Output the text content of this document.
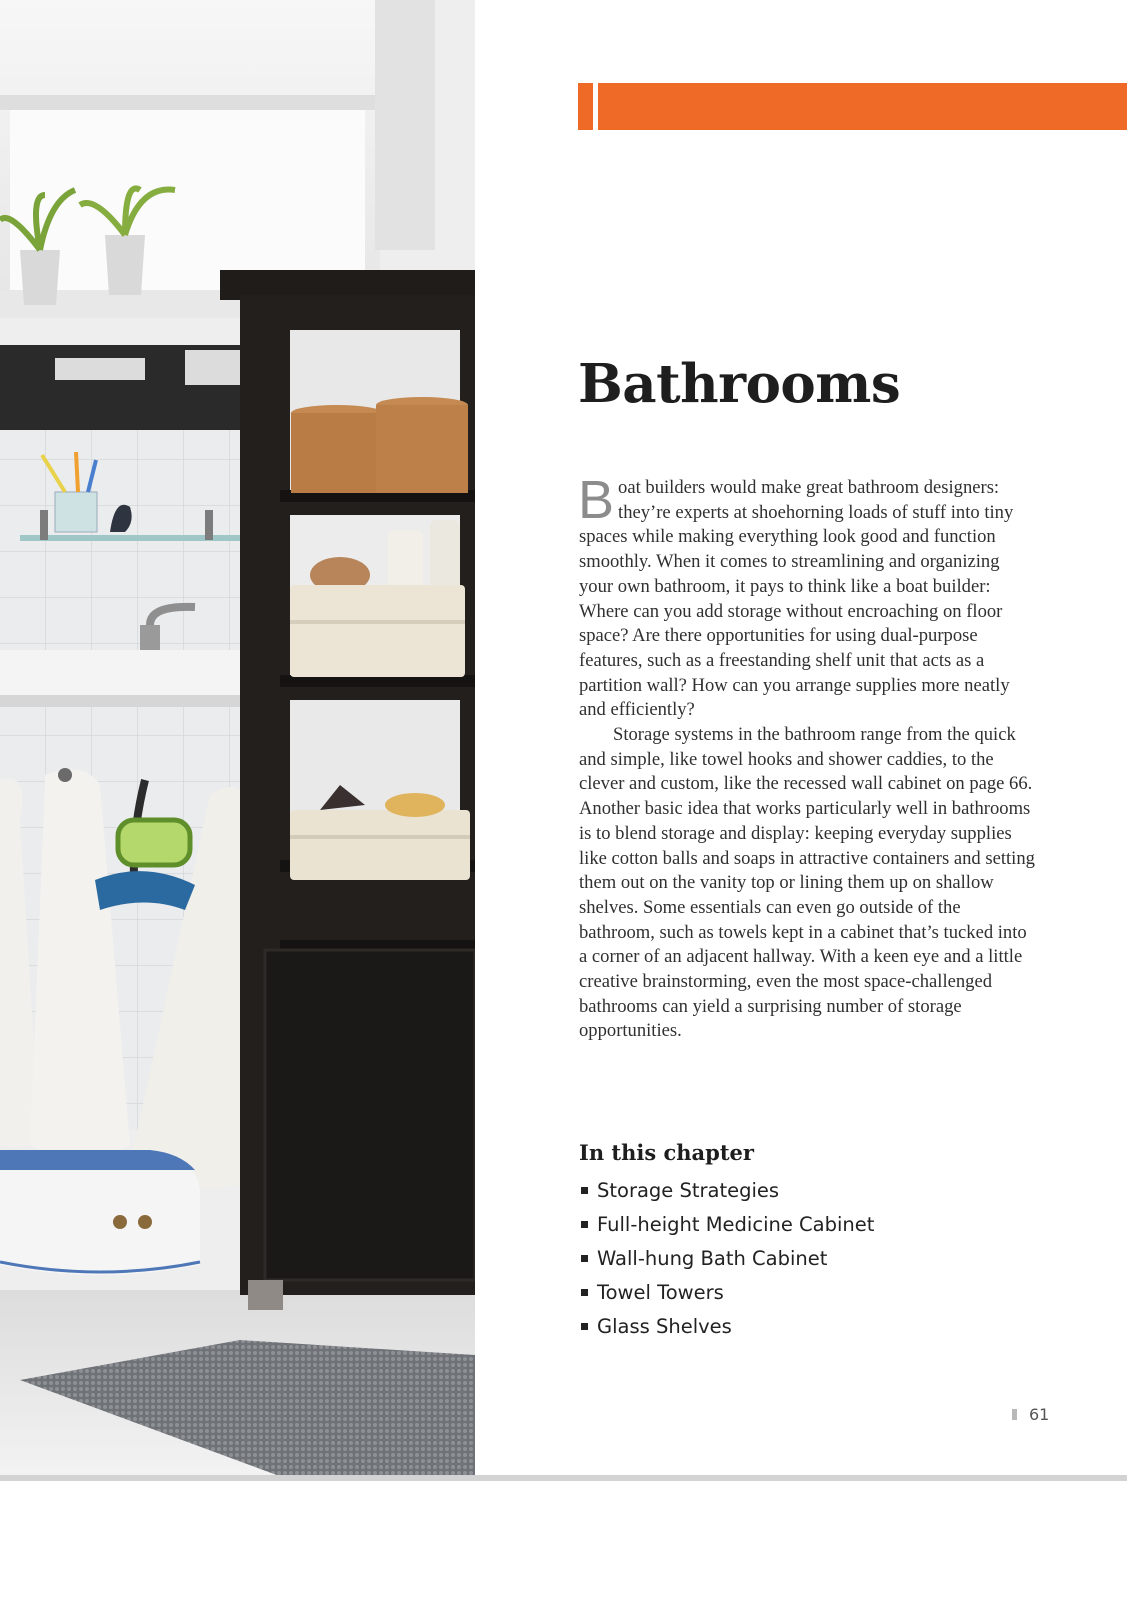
Bathrooms

Boat builders would make great bathroom designers: they’re experts at shoehorning loads of stuff into tiny spaces while making everything look good and function smoothly. When it comes to streamlining and organizing your own bathroom, it pays to think like a boat builder: Where can you add storage without encroaching on floor space? Are there opportunities for using dual-purpose features, such as a freestanding shelf unit that acts as a partition wall? How can you arrange supplies more neatly and efficiently?

Storage systems in the bathroom range from the quick and simple, like towel hooks and shower caddies, to the clever and custom, like the recessed wall cabinet on page 66. Another basic idea that works particularly well in bathrooms is to blend storage and display: keeping everyday supplies like cotton balls and soaps in attractive containers and setting them out on the vanity top or lining them up on shallow shelves. Some essentials can even go outside of the bathroom, such as towels kept in a cabinet that’s tucked into a corner of an adjacent hallway. With a keen eye and a little creative brainstorming, even the most space-challenged bathrooms can yield a surprising number of storage opportunities.

In this chapter
Storage Strategies
Full-height Medicine Cabinet
Wall-hung Bath Cabinet
Towel Towers
Glass Shelves
61
